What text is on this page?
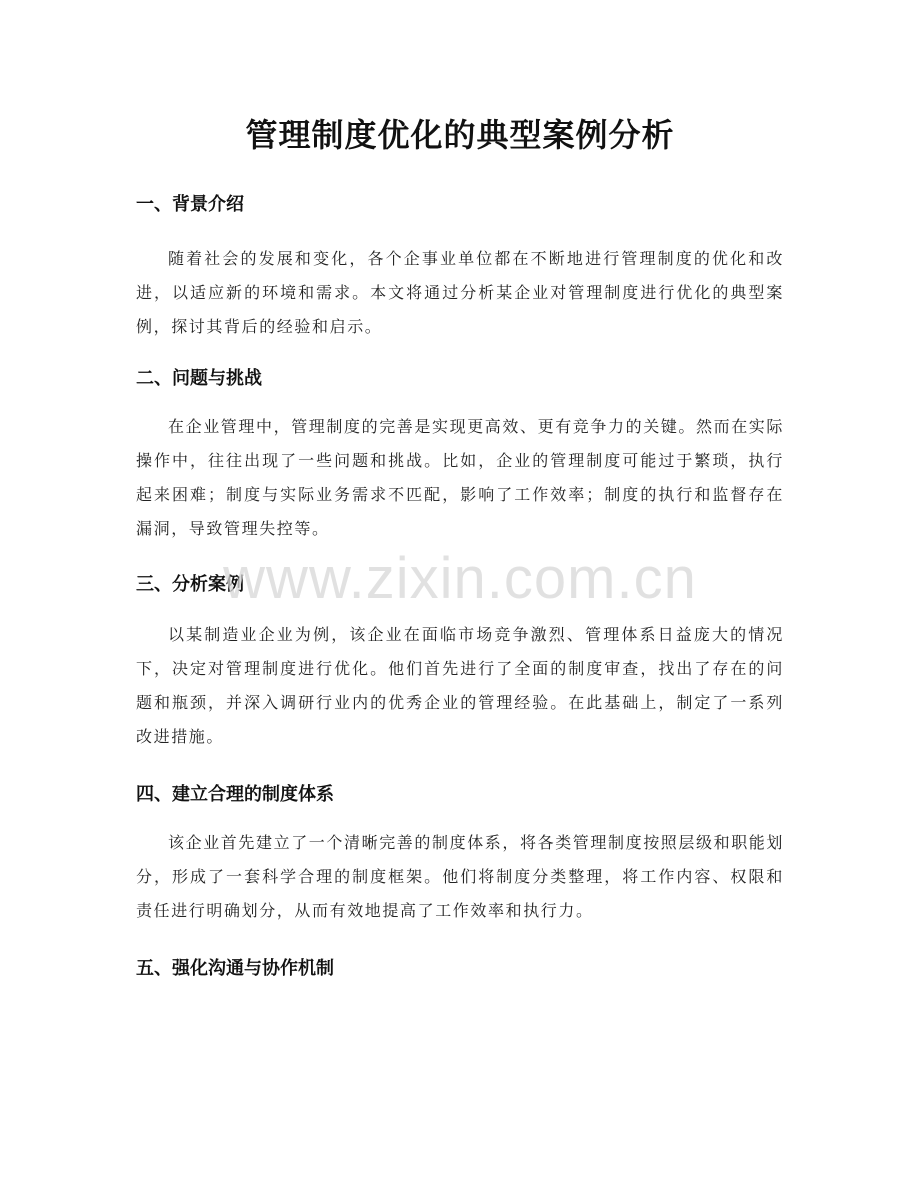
管理制度优化的典型案例分析
一、背景介绍

随着社会的发展和变化，各个企事业单位都在不断地进行管理制度的优化和改进，以适应新的环境和需求。本文将通过分析某企业对管理制度进行优化的典型案例，探讨其背后的经验和启示。

二、问题与挑战

在企业管理中，管理制度的完善是实现更高效、更有竞争力的关键。然而在实际操作中，往往出现了一些问题和挑战。比如，企业的管理制度可能过于繁琐，执行起来困难；制度与实际业务需求不匹配，影响了工作效率；制度的执行和监督存在漏洞，导致管理失控等。

三、分析案例

以某制造业企业为例，该企业在面临市场竞争激烈、管理体系日益庞大的情况下，决定对管理制度进行优化。他们首先进行了全面的制度审查，找出了存在的问题和瓶颈，并深入调研行业内的优秀企业的管理经验。在此基础上，制定了一系列改进措施。

四、建立合理的制度体系

该企业首先建立了一个清晰完善的制度体系，将各类管理制度按照层级和职能划分，形成了一套科学合理的制度框架。他们将制度分类整理，将工作内容、权限和责任进行明确划分，从而有效地提高了工作效率和执行力。

五、强化沟通与协作机制
www.zixin.com.cn
